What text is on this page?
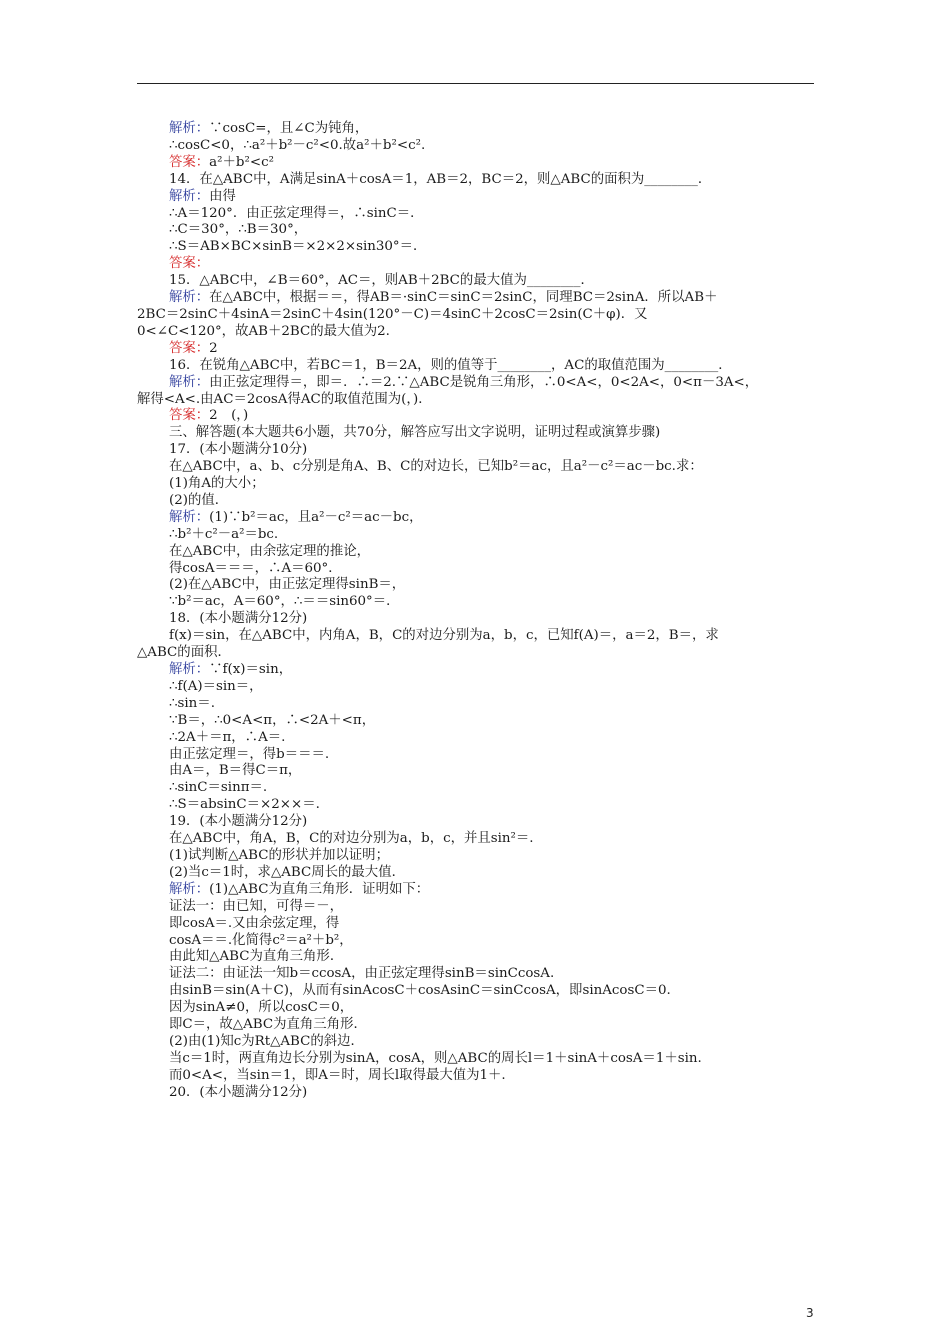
解析：∵cosC=，且∠C为钝角，
∴cosC<0，∴a²＋b²－c²<0.故a²＋b²<c².
答案：a²＋b²<c²
14．在△ABC中，A满足sinA＋cosA＝1，AB＝2，BC＝2，则△ABC的面积为________．
解析：由得
∴A＝120°．由正弦定理得＝，∴sinC＝．
∴C＝30°，∴B＝30°，
∴S＝AB×BC×sinB＝×2×2×sin30°＝．
答案：
15．△ABC中，∠B＝60°，AC＝，则AB＋2BC的最大值为________．
解析：在△ABC中，根据＝＝，得AB＝·sinC＝sinC＝2sinC，同理BC＝2sinA．所以AB＋
2BC＝2sinC＋4sinA＝2sinC＋4sin(120°－C)＝4sinC＋2cosC＝2sin(C＋φ)．又
0<∠C<120°，故AB＋2BC的最大值为2.
答案：2
16．在锐角△ABC中，若BC＝1，B＝2A，则的值等于________，AC的取值范围为________．
解析：由正弦定理得＝，即＝．∴＝2.∵△ABC是锐角三角形，∴0<A<，0<2A<，0<π－3A<，
解得<A<.由AC＝2cosA得AC的取值范围为(，)．
答案：2　(，)
三、解答题(本大题共6小题，共70分，解答应写出文字说明，证明过程或演算步骤)
17．(本小题满分10分)
在△ABC中，a、b、c分别是角A、B、C的对边长，已知b²＝ac，且a²－c²＝ac－bc.求：
(1)角A的大小；
(2)的值．
解析：(1)∵b²＝ac，且a²－c²＝ac－bc，
∴b²＋c²－a²＝bc.
在△ABC中，由余弦定理的推论，
得cosA＝＝＝，∴A＝60°．
(2)在△ABC中，由正弦定理得sinB＝，
∵b²＝ac，A＝60°，∴＝＝sin60°＝．
18．(本小题满分12分)
f(x)＝sin，在△ABC中，内角A，B，C的对边分别为a，b，c，已知f(A)＝，a＝2，B＝，求
△ABC的面积．
解析：∵f(x)＝sin，
∴f(A)＝sin＝，
∴sin＝.
∵B＝，∴0<A<π，∴<2A＋<π，
∴2A＋＝π，∴A＝.
由正弦定理＝，得b＝＝＝.
由A＝，B＝得C＝π，
∴sinC＝sinπ＝.
∴S＝absinC＝×2××＝.
19．(本小题满分12分)
在△ABC中，角A，B，C的对边分别为a，b，c，并且sin²＝.
(1)试判断△ABC的形状并加以证明；
(2)当c＝1时，求△ABC周长的最大值．
解析：(1)△ABC为直角三角形．证明如下：
证法一：由已知，可得＝－，
即cosA＝.又由余弦定理，得
cosA＝＝.化简得c²＝a²＋b²，
由此知△ABC为直角三角形．
证法二：由证法一知b＝ccosA，由正弦定理得sinB＝sinCcosA.
由sinB＝sin(A＋C)，从而有sinAcosC＋cosAsinC＝sinCcosA，即sinAcosC＝0.
因为sinA≠0，所以cosC＝0，
即C＝，故△ABC为直角三角形．
(2)由(1)知c为Rt△ABC的斜边．
当c＝1时，两直角边长分别为sinA，cosA，则△ABC的周长l＝1＋sinA＋cosA＝1＋sin.
而0<A<，当sin＝1，即A＝时，周长l取得最大值为1＋.
20．(本小题满分12分)
3
